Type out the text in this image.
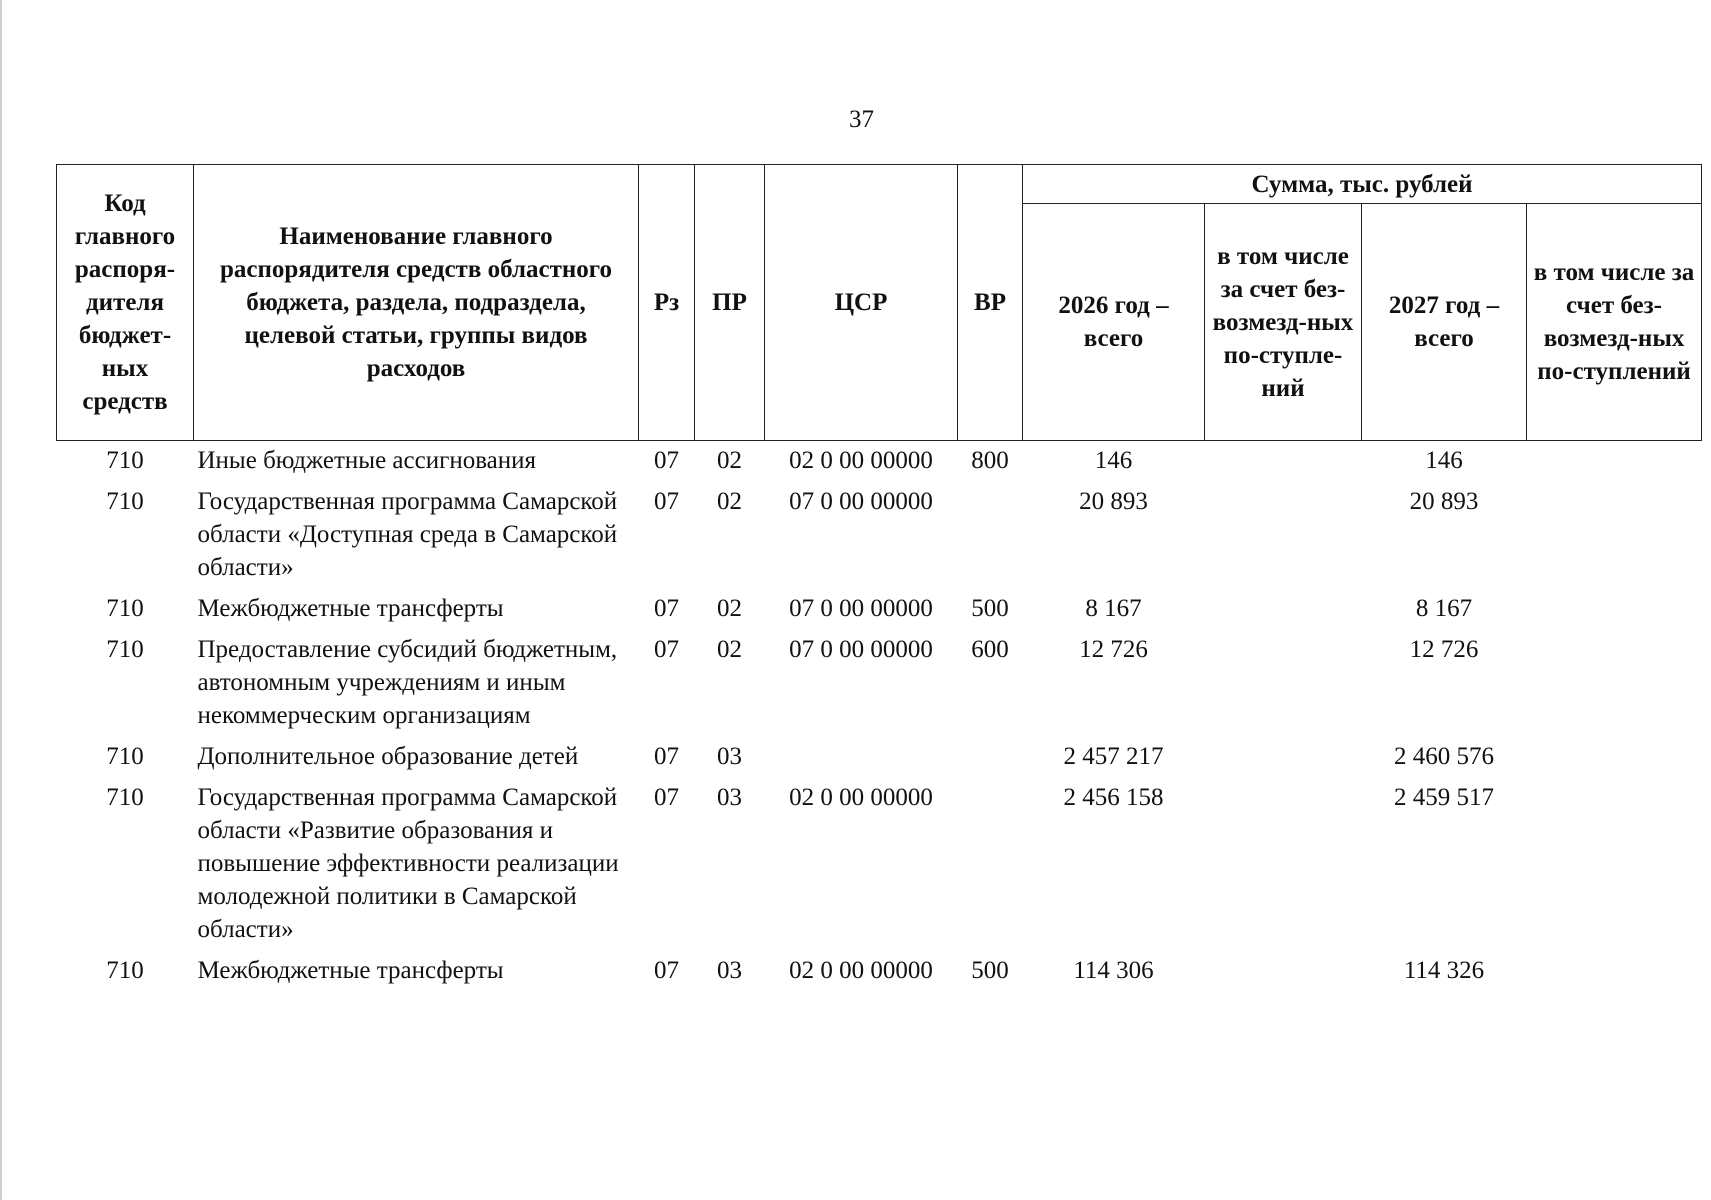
37
Код главного распоря-дителя бюджет-ных средств	Наименование главного распорядителя средств областного бюджета, раздела, подраздела, целевой статьи, группы видов расходов	Рз	ПР	ЦСР	ВР	Сумма, тыс. рублей			
						2026 год – всего	в том числе за счет без-возмезд-ных по-ступле-ний	2027 год – всего	в том числе за счет без-возмезд-ных по-ступлений
710	Иные бюджетные ассигнования	07	02	02 0 00 00000	800	146		146	
710	Государственная программа Самарской области «Доступная среда в Самарской области»	07	02	07 0 00 00000		20 893		20 893	
710	Межбюджетные трансферты	07	02	07 0 00 00000	500	8 167		8 167	
710	Предоставление субсидий бюджетным, автономным учреждениям и иным некоммерческим организациям	07	02	07 0 00 00000	600	12 726		12 726	
710	Дополнительное образование детей	07	03			2 457 217		2 460 576	
710	Государственная программа Самарской области «Развитие образования и повышение эффективности реализации молодежной политики в Самарской области»	07	03	02 0 00 00000		2 456 158		2 459 517	
710	Межбюджетные трансферты	07	03	02 0 00 00000	500	114 306		114 326	
